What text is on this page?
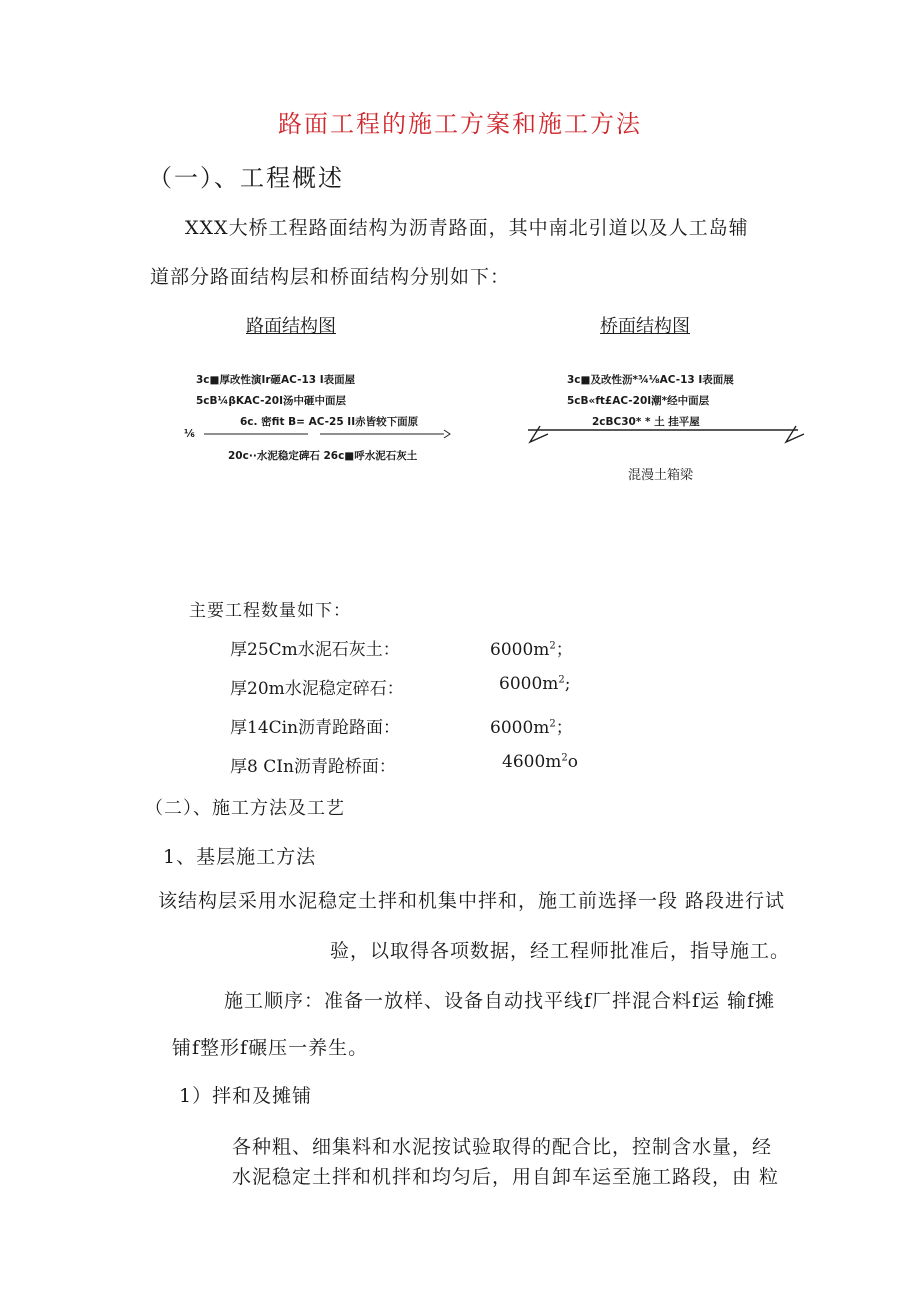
路面工程的施工方案和施工方法
（一）、工程概述
XXX大桥工程路面结构为沥青路面，其中南北引道以及人工岛辅
道部分路面结构层和桥面结构分别如下：
路面结构图
3c■厚改性演Ir砸AC-13 I表面屋
5cB¼βKAC-20I汤中砸中面层
6c. 密fit B= AC-25 II赤皆较下面原
⅙
20c··水泥稳定碑石 26c■呼水泥石灰土
桥面结构图
3c■及改性沥*¾⅛AC-13 I表面展
5cB«ft£AC-20I潮*经中面层
2cBC30* * 土 挂平屋
混漫土箱梁
主要工程数量如下：
厚25Cm水泥石灰土：	$6000m^2$；
厚20m水泥稳定碎石：	$6000m^2$;
厚14Cin沥青跄路面：	$6000m^2$；
厚8 CIn沥青跄桥面：	$4600m^2o$
（二）、施工方法及工艺
1、基层施工方法
该结构层采用水泥稳定土拌和机集中拌和，施工前选择一段 路段进行试
验，以取得各项数据，经工程师批准后，指导施工。
施工顺序：准备一放样、设备自动找平线f厂拌混合料f运 输f摊
铺f整形f碾压一养生。
1）拌和及摊铺
各种粗、细集料和水泥按试验取得的配合比，控制含水量，经
水泥稳定土拌和机拌和均匀后，用自卸车运至施工路段，由 粒
